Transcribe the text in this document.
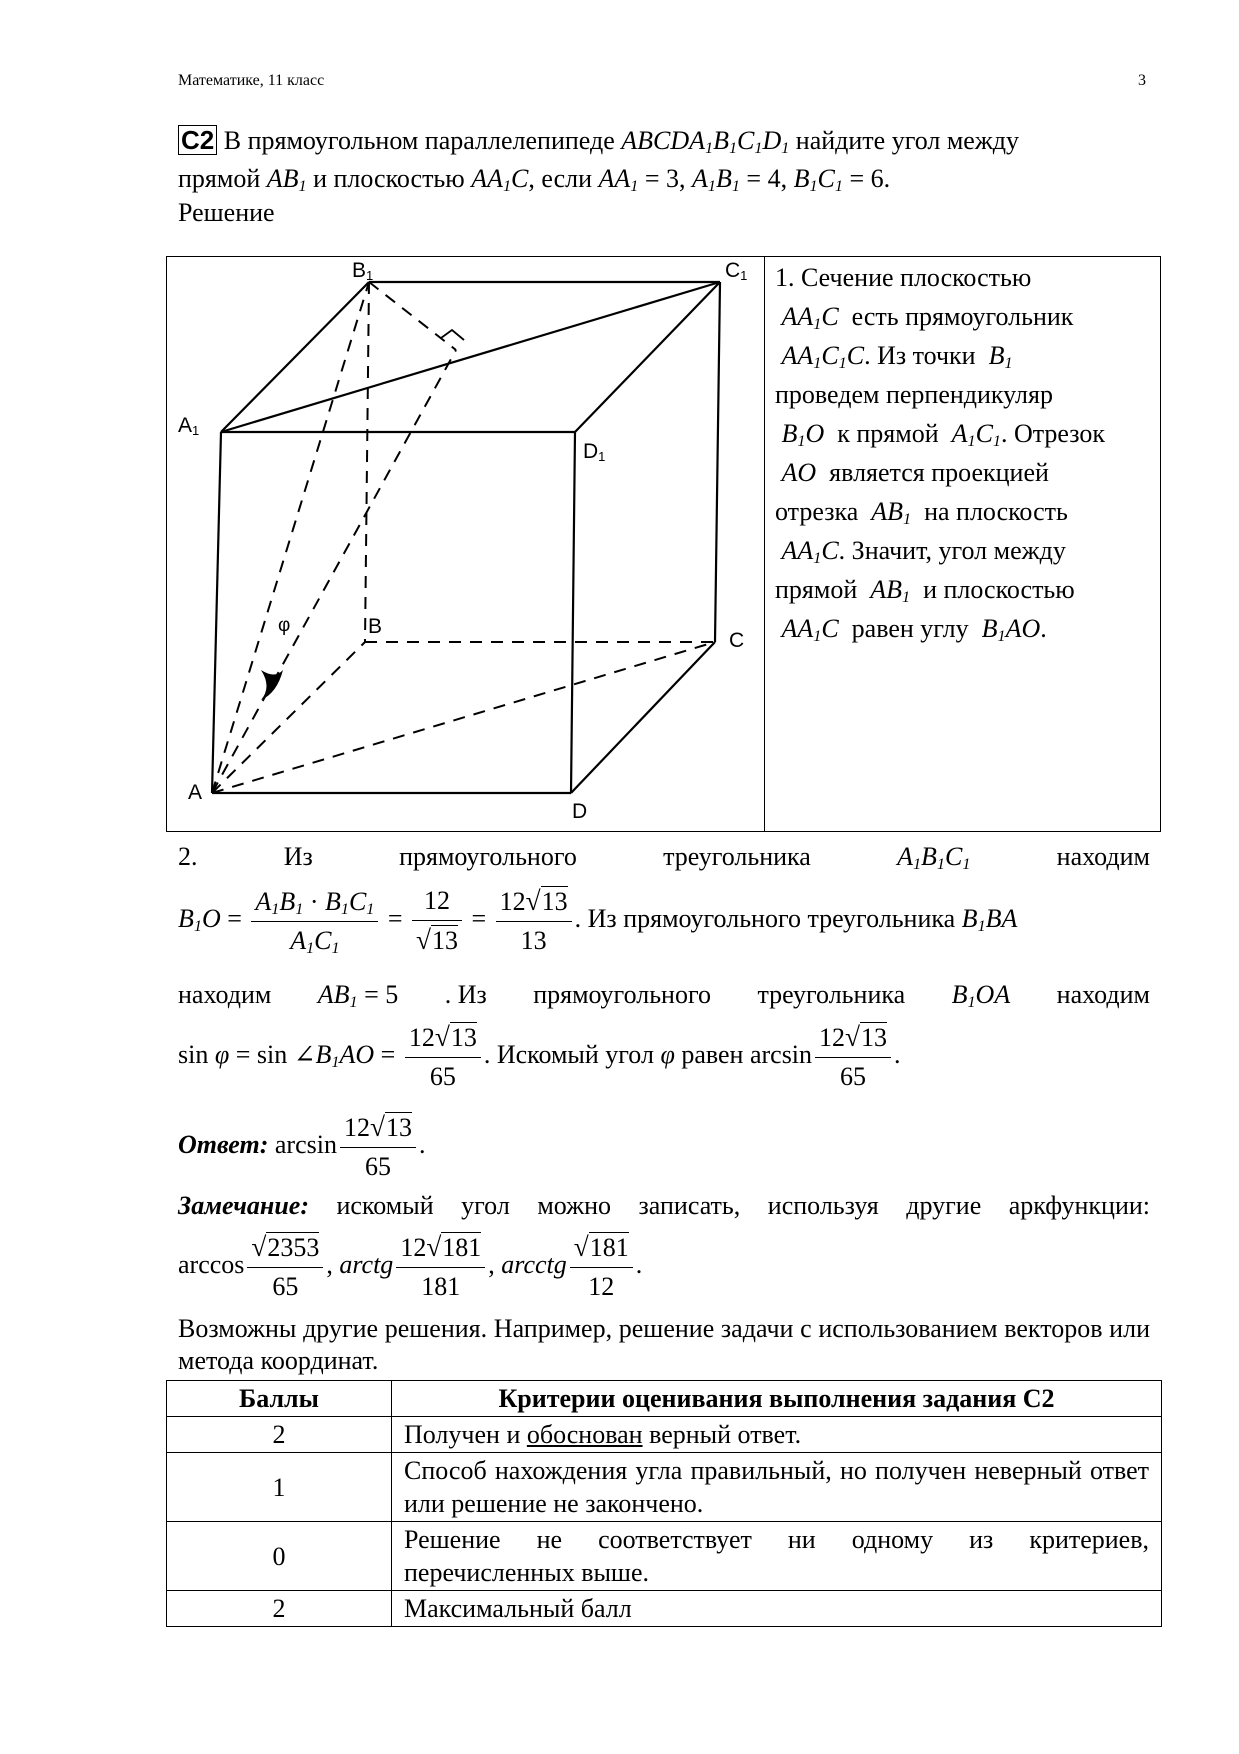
Математике, 11 класс	3
С2 В прямоугольном параллелепипеде $ABCDA_1B_1C_1D_1$ найдите угол между
прямой $AB_1$ и плоскостью $AA_1C$, если $AA_1 = 3$, $A_1B_1 = 4$, $B_1C_1 = 6$.
Решение
B1	C1
A1
D1
B
C
A
D
φ
1. Сечение плоскостью
$AA_1C$ есть прямоугольник
$AA_1C_1C$. Из точки $B_1$
проведем перпендикуляр
$B_1O$ к прямой $A_1C_1$. Отрезок
AO является проекцией
отрезка $AB_1$ на плоскость
$AA_1C$. Значит, угол между
прямой $AB_1$ и плоскостью
$AA_1C$ равен углу $B_1AO$.
2.	Из	прямоугольного	треугольника	$A_1B_1C_1$	находим
$B_1O = \frac{A_1B_1 \cdot B_1C_1}{A_1C_1} = \frac{12}{√13} = \frac{12√13}{13}$ . Из прямоугольного треугольника $B_1BA$
находим $AB_1 = 5$ . Из прямоугольного треугольника $B_1OA$ находим
$\sin \varphi = \sin \angle B_1AO = \frac{12√13}{65}$ . Искомый угол φ равен $\arcsin \frac{12√13}{65}$ .
Ответ: $\arcsin \frac{12√13}{65}$ .
Замечание: искомый угол можно записать, используя другие аркфункции:
$\arccos \frac{√2353}{65}$ , arctg $\frac{12√181}{181}$ , arcctg $\frac{√181}{12}$ .
Возможны другие решения. Например, решение задачи с использованием векторов или метода координат.
Баллы	Критерии оценивания выполнения задания С2
2	Получен и обоснован верный ответ.
1	Способ нахождения угла правильный, но получен неверный ответ или решение не закончено.
0	Решение не соответствует ни одному из критериев, перечисленных выше.
2	Максимальный балл
